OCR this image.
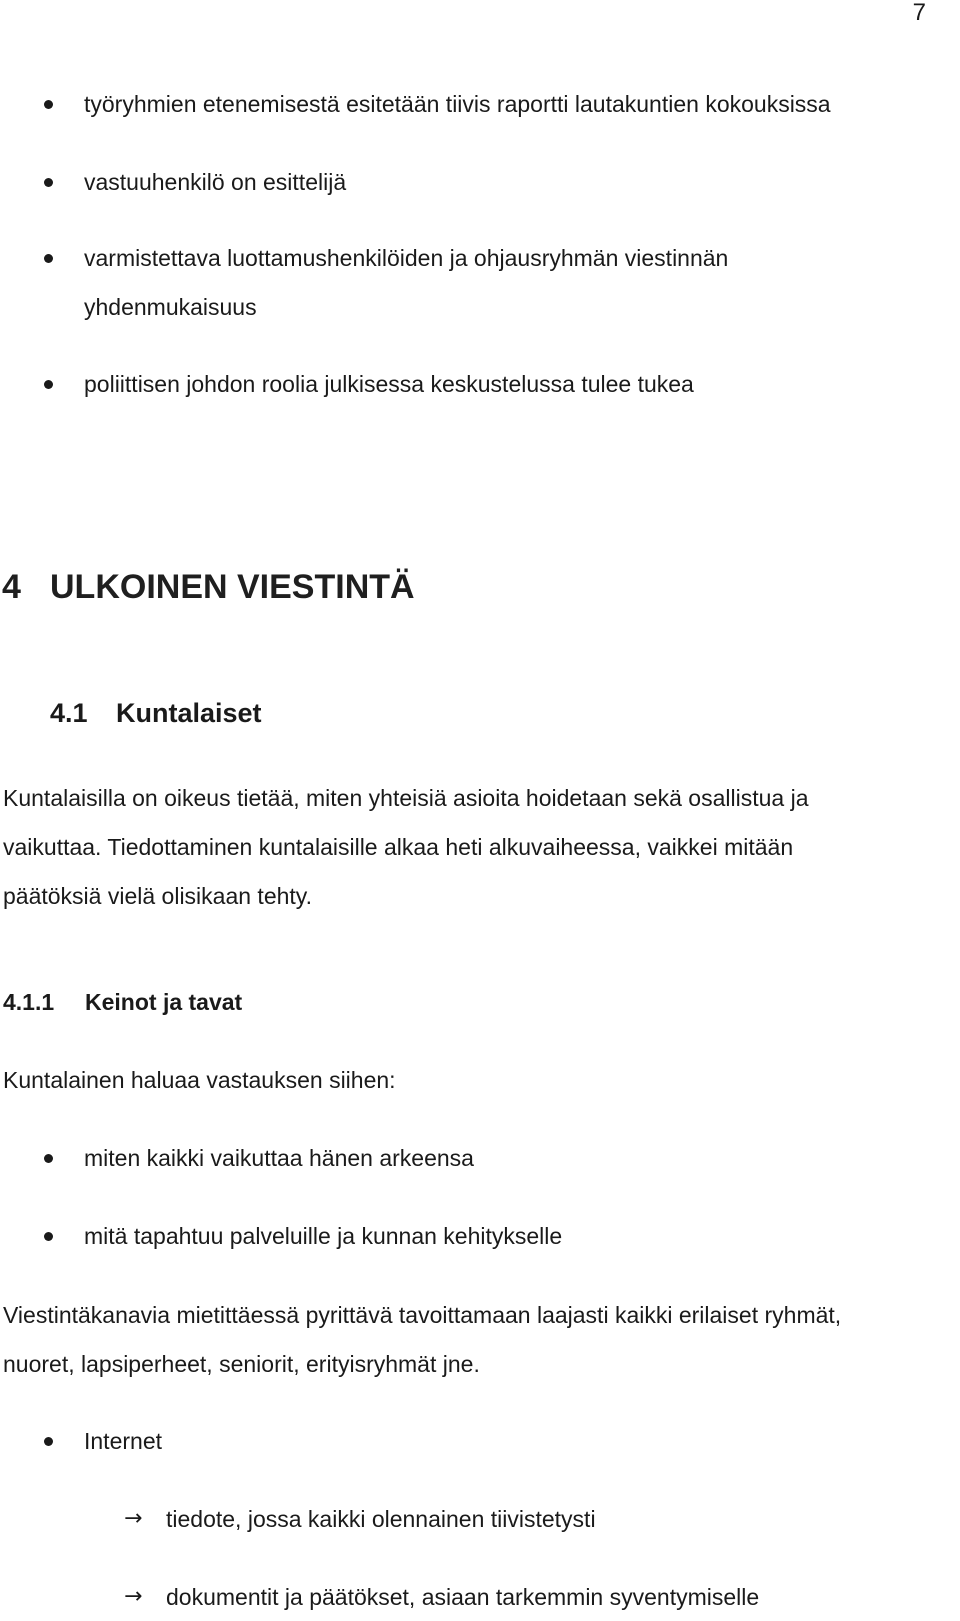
7
työryhmien etenemisestä esitetään tiivis raportti lautakuntien kokouksissa
vastuuhenkilö on esittelijä
varmistettava luottamushenkilöiden ja ohjausryhmän viestinnän
yhdenmukaisuus
poliittisen johdon roolia julkisessa keskustelussa tulee tukea
4 ULKOINEN VIESTINTÄ
4.1 Kuntalaiset
Kuntalaisilla on oikeus tietää, miten yhteisiä asioita hoidetaan sekä osallistua ja
vaikuttaa. Tiedottaminen kuntalaisille alkaa heti alkuvaiheessa, vaikkei mitään
päätöksiä vielä olisikaan tehty.
4.1.1 Keinot ja tavat
Kuntalainen haluaa vastauksen siihen:
miten kaikki vaikuttaa hänen arkeensa
mitä tapahtuu palveluille ja kunnan kehitykselle
Viestintäkanavia mietittäessä pyrittävä tavoittamaan laajasti kaikki erilaiset ryhmät,
nuoret, lapsiperheet, seniorit, erityisryhmät jne.
Internet
→ tiedote, jossa kaikki olennainen tiivistetysti
→ dokumentit ja päätökset, asiaan tarkemmin syventymiselle
